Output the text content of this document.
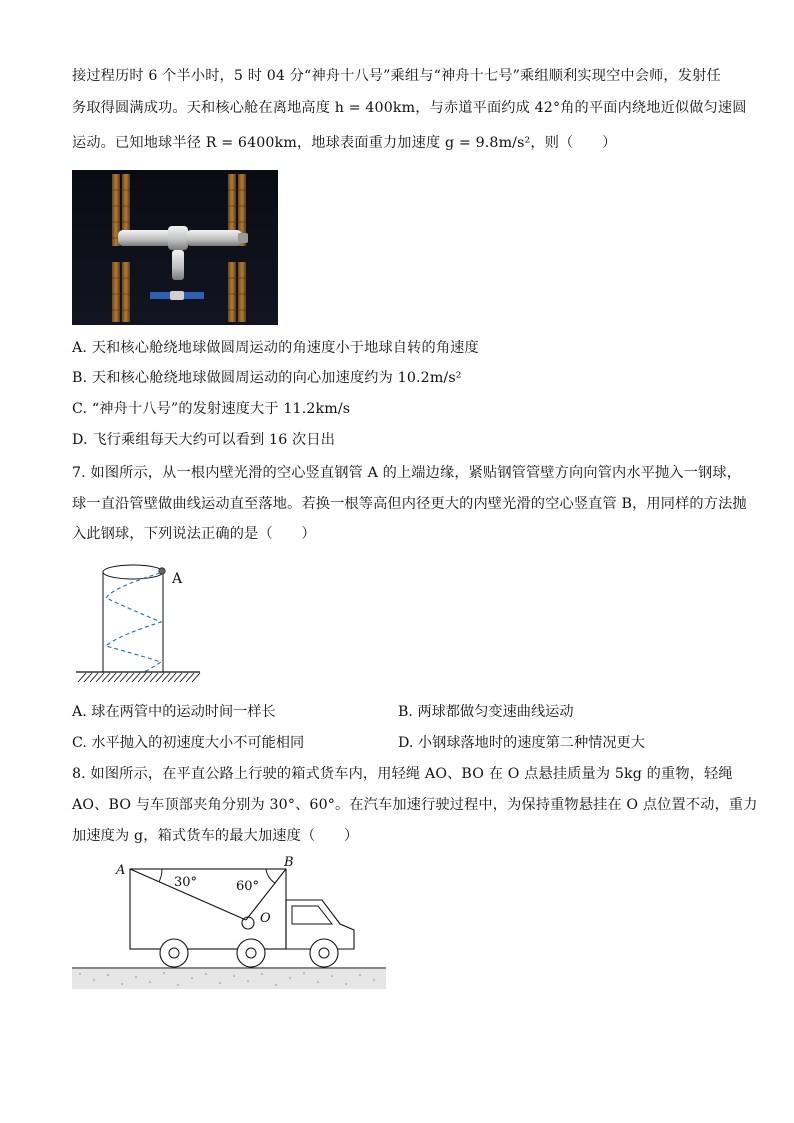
接过程历时 6 个半小时，5 时 04 分“神舟十八号”乘组与“神舟十七号”乘组顺利实现空中会师，发射任
务取得圆满成功。天和核心舱在离地高度 h = 400km，与赤道平面约成 42°角的平面内绕地近似做匀速圆
运动。已知地球半径 R = 6400km，地球表面重力加速度 g = 9.8m/s²，则（　　）
A. 天和核心舱绕地球做圆周运动的角速度小于地球自转的角速度
B. 天和核心舱绕地球做圆周运动的向心加速度约为 10.2m/s²
C. “神舟十八号”的发射速度大于 11.2km/s
D. 飞行乘组每天大约可以看到 16 次日出
7. 如图所示，从一根内壁光滑的空心竖直钢管 A 的上端边缘，紧贴钢管管壁方向向管内水平抛入一钢球，
球一直沿管壁做曲线运动直至落地。若换一根等高但内径更大的内壁光滑的空心竖直管 B，用同样的方法抛
入此钢球，下列说法正确的是（　　）
A
A. 球在两管中的运动时间一样长	B. 两球都做匀变速曲线运动
C. 水平抛入的初速度大小不可能相同	D. 小钢球落地时的速度第二种情况更大
8. 如图所示，在平直公路上行驶的箱式货车内，用轻绳 AO、BO 在 O 点悬挂质量为 5kg 的重物，轻绳
AO、BO 与车顶部夹角分别为 30°、60°。在汽车加速行驶过程中，为保持重物悬挂在 O 点位置不动，重力
加速度为 g，箱式货车的最大加速度（　　）
A
B
O
30°	60°
